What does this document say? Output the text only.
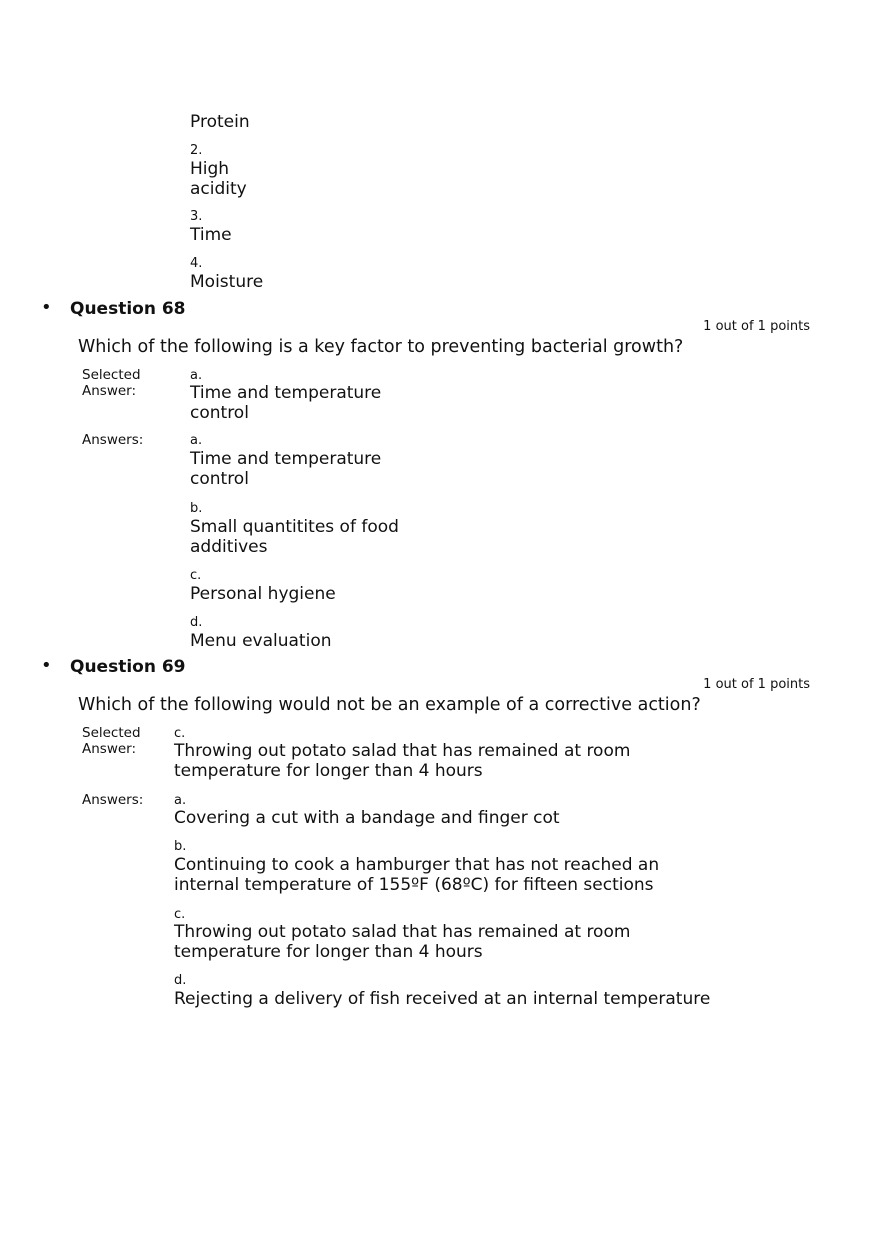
Protein
2.
High acidity
3.
Time
4.
Moisture
• Question 68
1 out of 1 points
Which of the following is a key factor to preventing bacterial growth?
Selected Answer:
a.
Time and temperature control
Answers:	a.
Time and temperature control
b.
Small quantitites of food additives
c.
Personal hygiene
d.
Menu evaluation
• Question 69
1 out of 1 points
Which of the following would not be an example of a corrective action?
Selected Answer:
c.
Throwing out potato salad that has remained at room temperature for longer than 4 hours
Answers: a.
Covering a cut with a bandage and finger cot
b.
Continuing to cook a hamburger that has not reached an internal temperature of 155ºF (68ºC) for fifteen sections
c.
Throwing out potato salad that has remained at room temperature for longer than 4 hours
d.
Rejecting a delivery of fish received at an internal temperature
